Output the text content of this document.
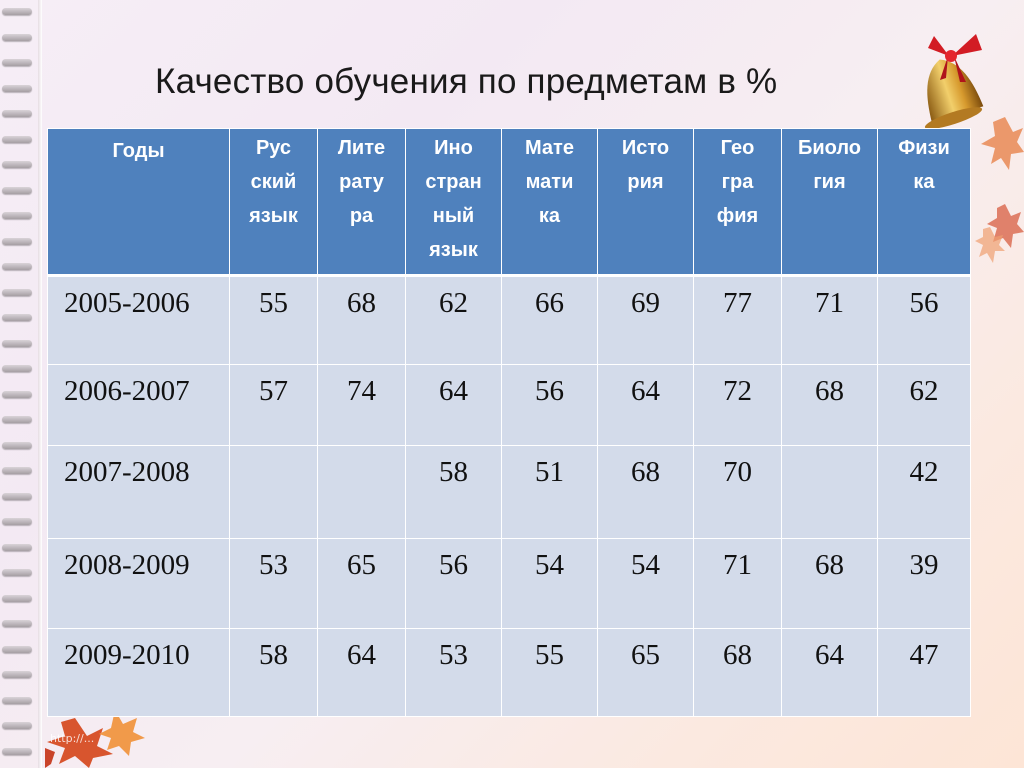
Качество обучения по предметам в %
Годы	Рус
ский
язык	Лите
рату
ра	Ино
стран
ный
язык	Мате
мати
ка	Исто
рия	Гео
гра
фия	Биоло
гия	Физи
ка

2005-2006	55	68	62	66	69	77	71	56
2006-2007	57	74	64	56	64	72	68	62
2007-2008			58	51	68	70		42
2008-2009	53	65	56	54	54	71	68	39
2009-2010	58	64	53	55	65	68	64	47
http://...
